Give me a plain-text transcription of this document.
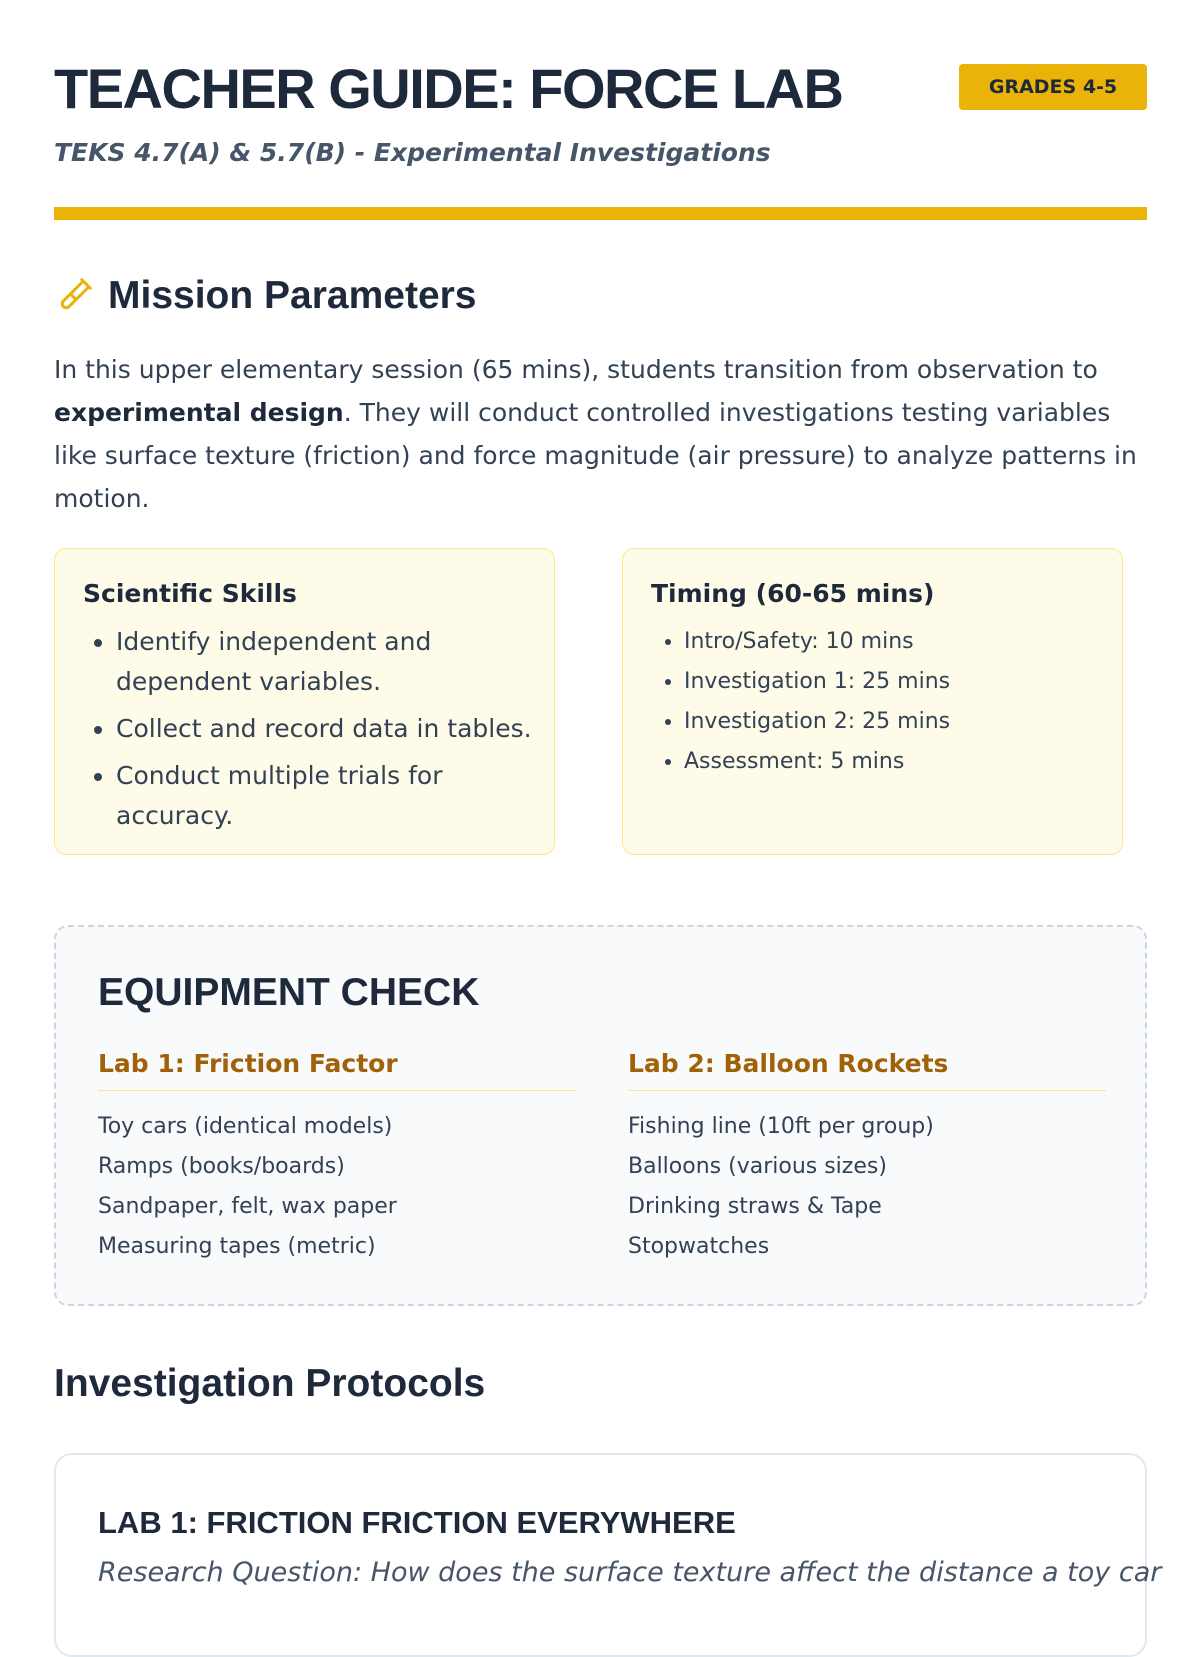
TEACHER GUIDE: FORCE LAB	GRADES 4-5
TEKS 4.7(A) & 5.7(B) - Experimental Investigations
Mission Parameters

In this upper elementary session (65 mins), students transition from observation to experimental design. They will conduct controlled investigations testing variables like surface texture (friction) and force magnitude (air pressure) to analyze patterns in motion.

Scientific Skills
• Identify independent and dependent variables.
• Collect and record data in tables.
• Conduct multiple trials for accuracy.
Timing (60-65 mins)
• Intro/Safety: 10 mins
• Investigation 1: 25 mins
• Investigation 2: 25 mins
• Assessment: 5 mins
EQUIPMENT CHECK
Lab 1: Friction Factor
Toy cars (identical models)
Ramps (books/boards)
Sandpaper, felt, wax paper
Measuring tapes (metric)
Lab 2: Balloon Rockets
Fishing line (10ft per group)
Balloons (various sizes)
Drinking straws & Tape
Stopwatches
Investigation Protocols
LAB 1: FRICTION FRICTION EVERYWHERE

Research Question: How does the surface texture affect the distance a toy car
